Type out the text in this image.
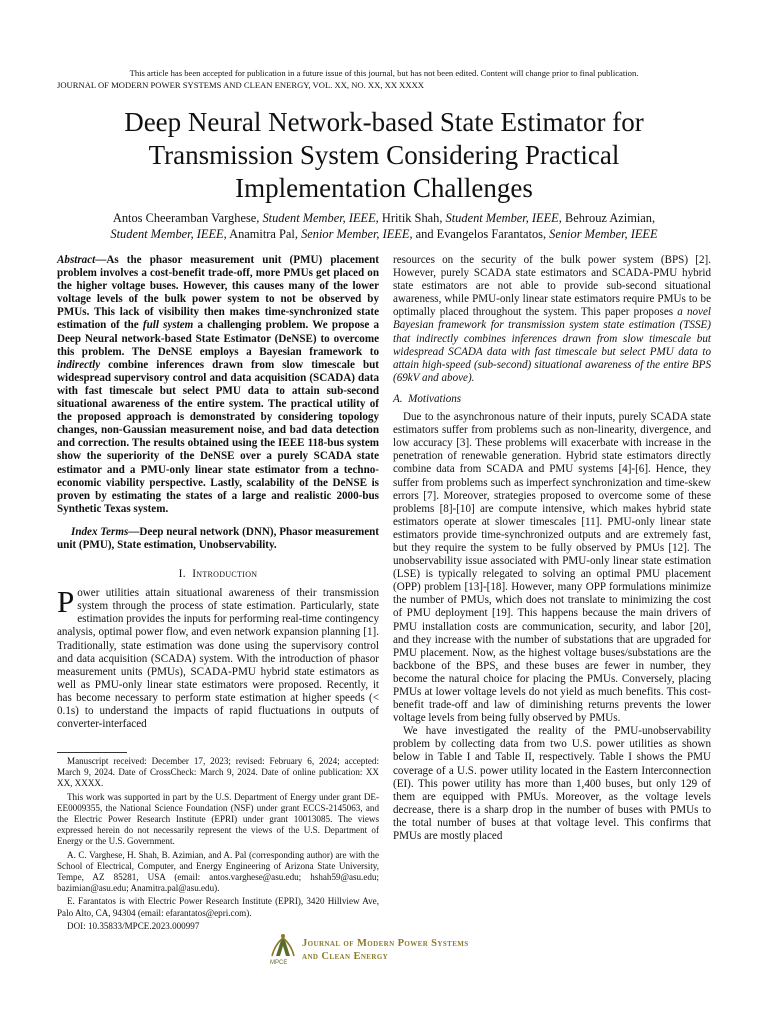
This article has been accepted for publication in a future issue of this journal, but has not been edited. Content will change prior to final publication.
JOURNAL OF MODERN POWER SYSTEMS AND CLEAN ENERGY, VOL. XX, NO. XX, XX XXXX
Deep Neural Network-based State Estimator for
Transmission System Considering Practical
Implementation Challenges
Antos Cheeramban Varghese, Student Member, IEEE, Hritik Shah, Student Member, IEEE, Behrouz Azimian,
Student Member, IEEE, Anamitra Pal, Senior Member, IEEE, and Evangelos Farantatos, Senior Member, IEEE

Abstract—As the phasor measurement unit (PMU) placement problem involves a cost-benefit trade-off, more PMUs get placed on the higher voltage buses. However, this causes many of the lower voltage levels of the bulk power system to not be observed by PMUs. This lack of visibility then makes time-synchronized state estimation of the full system a challenging problem. We propose a Deep Neural network-based State Estimator (DeNSE) to overcome this problem. The DeNSE employs a Bayesian framework to indirectly combine inferences drawn from slow timescale but widespread supervisory control and data acquisition (SCADA) data with fast timescale but select PMU data to attain sub-second situational awareness of the entire system. The practical utility of the proposed approach is demonstrated by considering topology changes, non-Gaussian measurement noise, and bad data detection and correction. The results obtained using the IEEE 118-bus system show the superiority of the DeNSE over a purely SCADA state estimator and a PMU-only linear state estimator from a techno-economic viability perspective. Lastly, scalability of the DeNSE is proven by estimating the states of a large and realistic 2000-bus Synthetic Texas system.

Index Terms—Deep neural network (DNN), Phasor measurement unit (PMU), State estimation, Unobservability.

I. Introduction

Power utilities attain situational awareness of their transmission system through the process of state estimation. Particularly, state estimation provides the inputs for performing real-time contingency analysis, optimal power flow, and even network expansion planning [1]. Traditionally, state estimation was done using the supervisory control and data acquisition (SCADA) system. With the introduction of phasor measurement units (PMUs), SCADA-PMU hybrid state estimators as well as PMU-only linear state estimators were proposed. Recently, it has become necessary to perform state estimation at higher speeds (< 0.1s) to understand the impacts of rapid fluctuations in outputs of converter-interfaced

Manuscript received: December 17, 2023; revised: February 6, 2024; accepted: March 9, 2024. Date of CrossCheck: March 9, 2024. Date of online publication: XX XX, XXXX.

This work was supported in part by the U.S. Department of Energy under grant DE-EE0009355, the National Science Foundation (NSF) under grant ECCS-2145063, and the Electric Power Research Institute (EPRI) under grant 10013085. The views expressed herein do not necessarily represent the views of the U.S. Department of Energy or the U.S. Government.

A. C. Varghese, H. Shah, B. Azimian, and A. Pal (corresponding author) are with the School of Electrical, Computer, and Energy Engineering of Arizona State University, Tempe, AZ 85281, USA (email: antos.varghese@asu.edu; hshah59@asu.edu; bazimian@asu.edu; Anamitra.pal@asu.edu).

E. Farantatos is with Electric Power Research Institute (EPRI), 3420 Hillview Ave, Palo Alto, CA, 94304 (email: efarantatos@epri.com).

DOI: 10.35833/MPCE.2023.000997

resources on the security of the bulk power system (BPS) [2]. However, purely SCADA state estimators and SCADA-PMU hybrid state estimators are not able to provide sub-second situational awareness, while PMU-only linear state estimators require PMUs to be optimally placed throughout the system. This paper proposes a novel Bayesian framework for transmission system state estimation (TSSE) that indirectly combines inferences drawn from slow timescale but widespread SCADA data with fast timescale but select PMU data to attain high-speed (sub-second) situational awareness of the entire BPS (69kV and above).

A. Motivations

Due to the asynchronous nature of their inputs, purely SCADA state estimators suffer from problems such as non-linearity, divergence, and low accuracy [3]. These problems will exacerbate with increase in the penetration of renewable generation. Hybrid state estimators directly combine data from SCADA and PMU systems [4]-[6]. Hence, they suffer from problems such as imperfect synchronization and time-skew errors [7]. Moreover, strategies proposed to overcome some of these problems [8]-[10] are compute intensive, which makes hybrid state estimators operate at slower timescales [11]. PMU-only linear state estimators provide time-synchronized outputs and are extremely fast, but they require the system to be fully observed by PMUs [12]. The unobservability issue associated with PMU-only linear state estimation (LSE) is typically relegated to solving an optimal PMU placement (OPP) problem [13]-[18]. However, many OPP formulations minimize the number of PMUs, which does not translate to minimizing the cost of PMU deployment [19]. This happens because the main drivers of PMU installation costs are communication, security, and labor [20], and they increase with the number of substations that are upgraded for PMU placement. Now, as the highest voltage buses/substations are the backbone of the BPS, and these buses are fewer in number, they become the natural choice for placing the PMUs. Conversely, placing PMUs at lower voltage levels do not yield as much benefits. This cost-benefit trade-off and law of diminishing returns prevents the lower voltage levels from being fully observed by PMUs.

We have investigated the reality of the PMU-unobservability problem by collecting data from two U.S. power utilities as shown below in Table I and Table II, respectively. Table I shows the PMU coverage of a U.S. power utility located in the Eastern Interconnection (EI). This power utility has more than 1,400 buses, but only 129 of them are equipped with PMUs. Moreover, as the voltage levels decrease, there is a sharp drop in the number of buses with PMUs to the total number of buses at that voltage level. This confirms that PMUs are mostly placed

MPCE
Journal of Modern Power Systems
and Clean Energy
